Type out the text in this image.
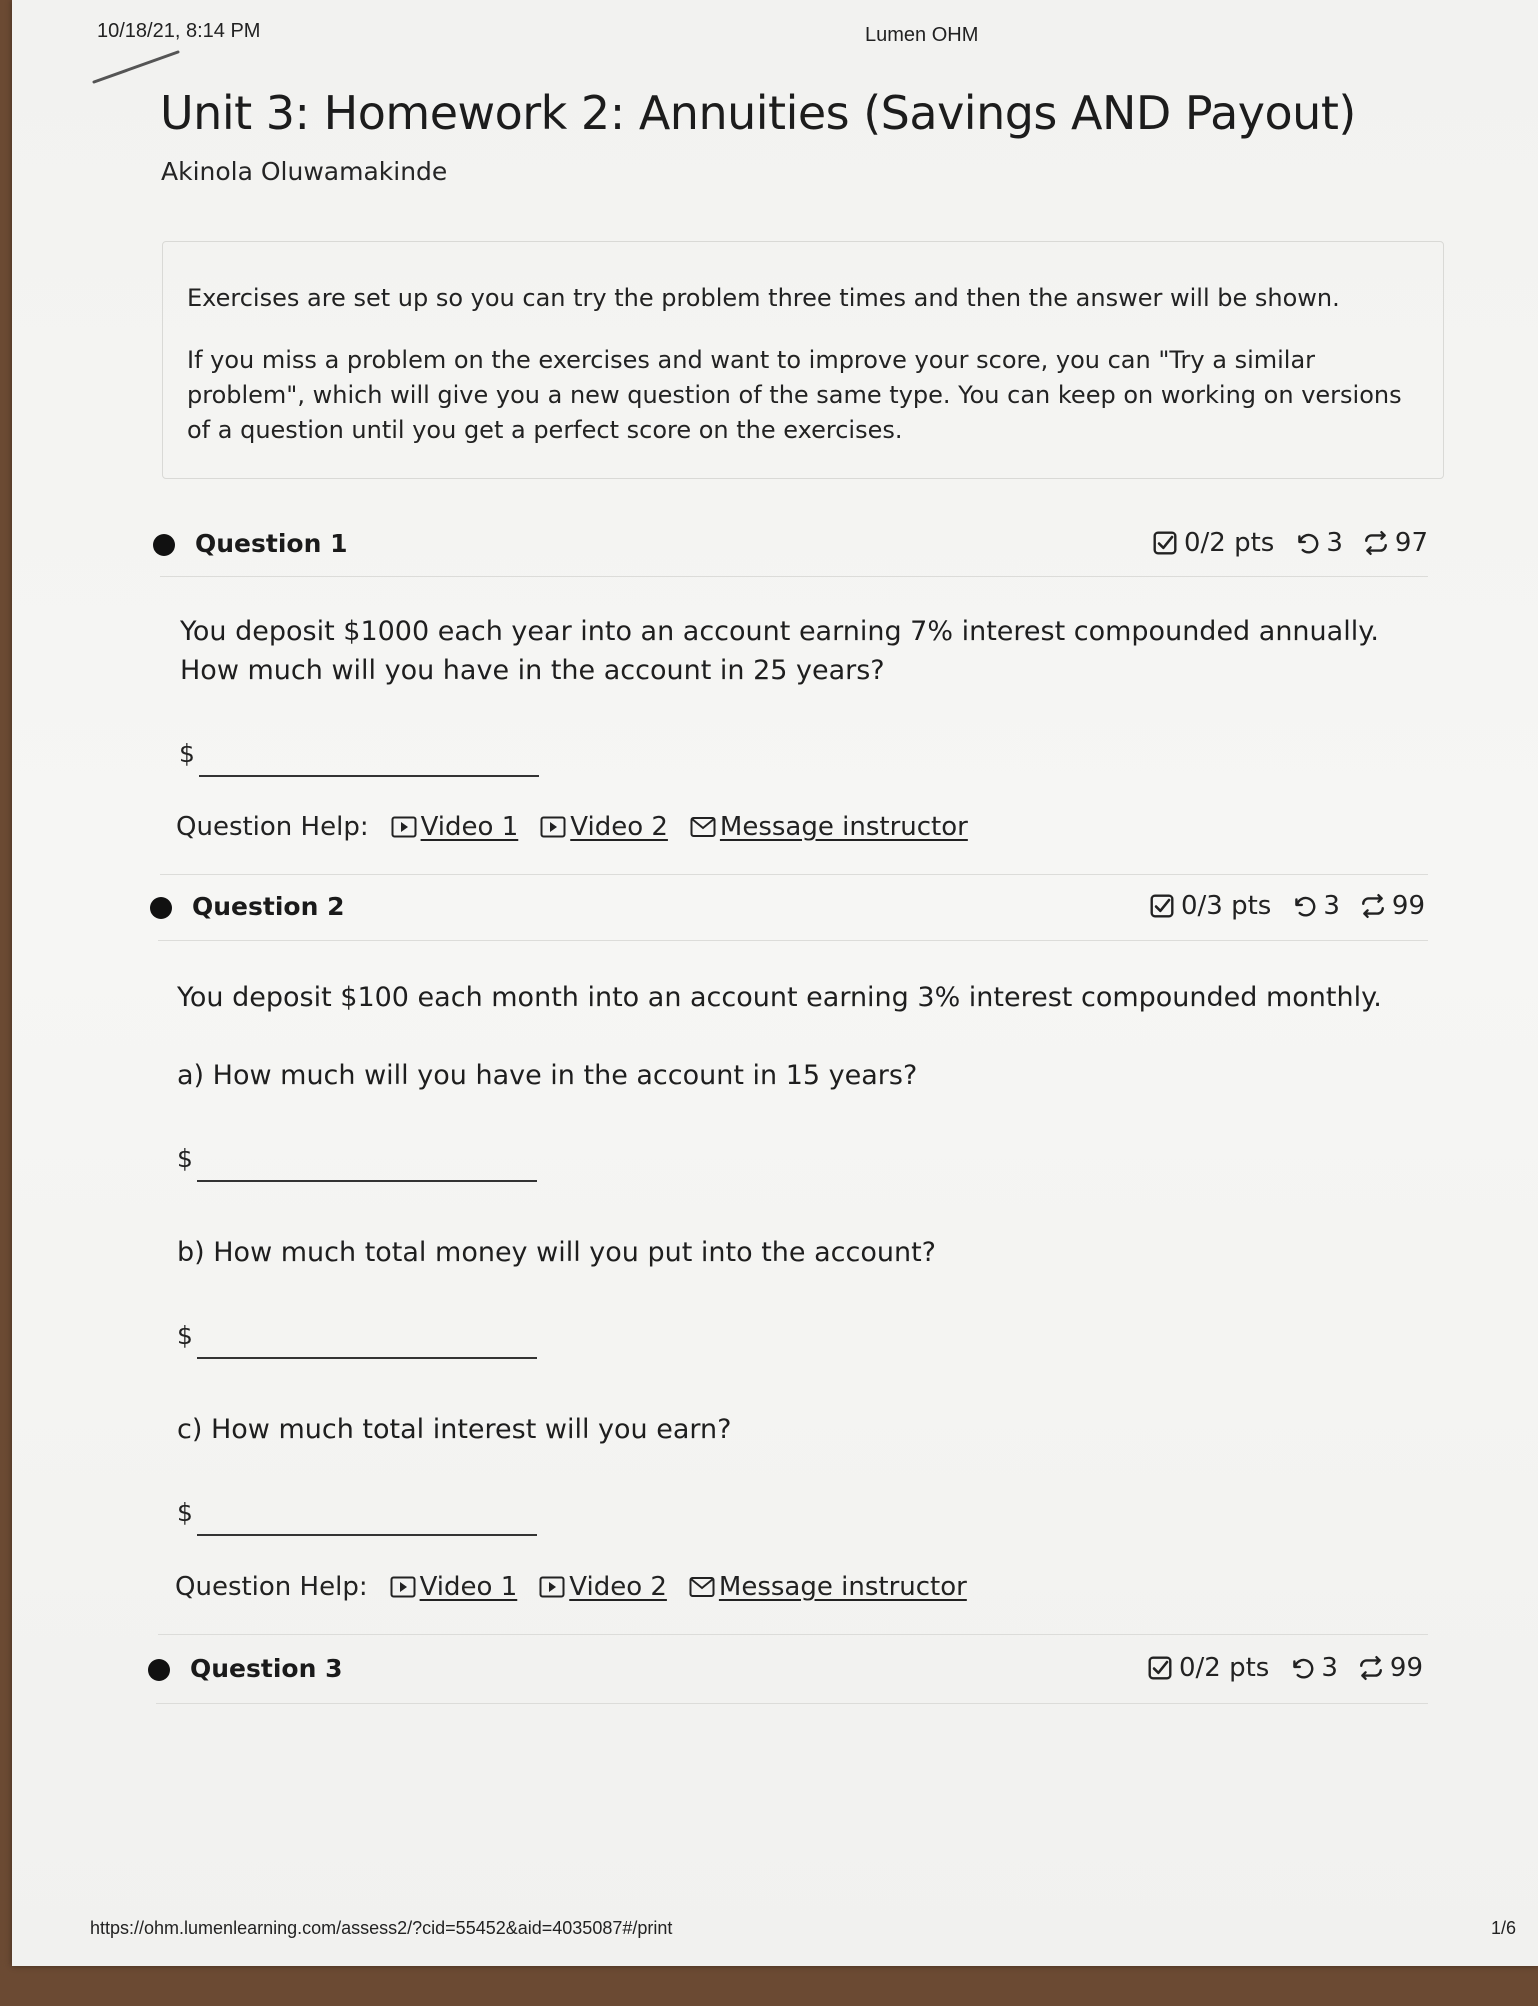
10/18/21, 8:14 PM	Lumen OHM
Unit 3: Homework 2: Annuities (Savings AND Payout)
Akinola Oluwamakinde

Exercises are set up so you can try the problem three times and then the answer will be shown.

If you miss a problem on the exercises and want to improve your score, you can "Try a similar problem", which will give you a new question of the same type. You can keep on working on versions of a question until you get a perfect score on the exercises.

Question 1	0/2 pts 3 97
You deposit $1000 each year into an account earning 7% interest compounded annually. How much will you have in the account in 25 years?
$
Question Help: Video 1 Video 2 Message instructor
Question 2	0/3 pts 3 99
You deposit $100 each month into an account earning 3% interest compounded monthly.
a) How much will you have in the account in 15 years?
$
b) How much total money will you put into the account?
$
c) How much total interest will you earn?
$
Question Help: Video 1 Video 2 Message instructor
Question 3	0/2 pts 3 99
https://ohm.lumenlearning.com/assess2/?cid=55452&aid=4035087#/print	1/6
